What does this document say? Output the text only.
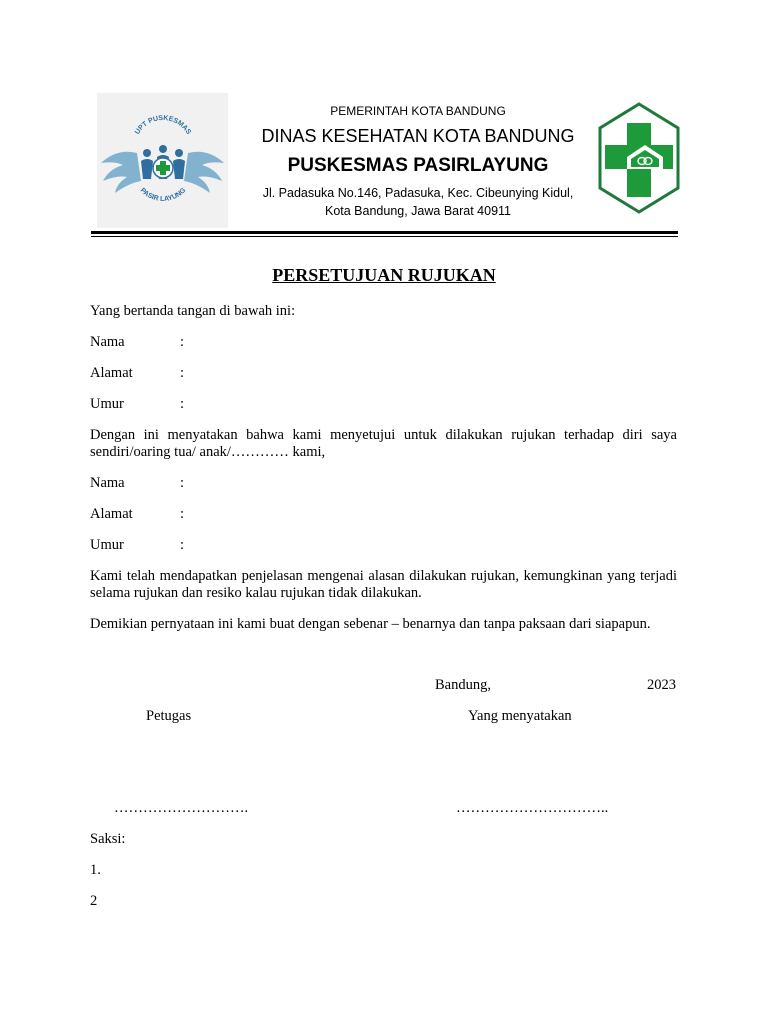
UPT PUSKESMAS
PASIR LAYUNG
PEMERINTAH KOTA BANDUNG
DINAS KESEHATAN KOTA BANDUNG
PUSKESMAS PASIRLAYUNG
Jl. Padasuka No.146, Padasuka, Kec. Cibeunying Kidul,
Kota Bandung, Jawa Barat 40911
PERSETUJUAN RUJUKAN
Yang bertanda tangan di bawah ini:
Nama	:
Alamat	:
Umur	:
Dengan ini menyatakan bahwa kami menyetujui untuk dilakukan rujukan terhadap diri saya sendiri/oaring tua/ anak/………… kami,
Nama	:
Alamat	:
Umur	:
Kami telah mendapatkan penjelasan mengenai alasan dilakukan rujukan, kemungkinan yang terjadi selama rujukan dan resiko kalau rujukan tidak dilakukan.
Demikian pernyataan ini kami buat dengan sebenar – benarnya dan tanpa paksaan dari siapapun.
Bandung,	2023
Petugas	Yang menyatakan
……………………….	…………………………..
Saksi:
1.
2
